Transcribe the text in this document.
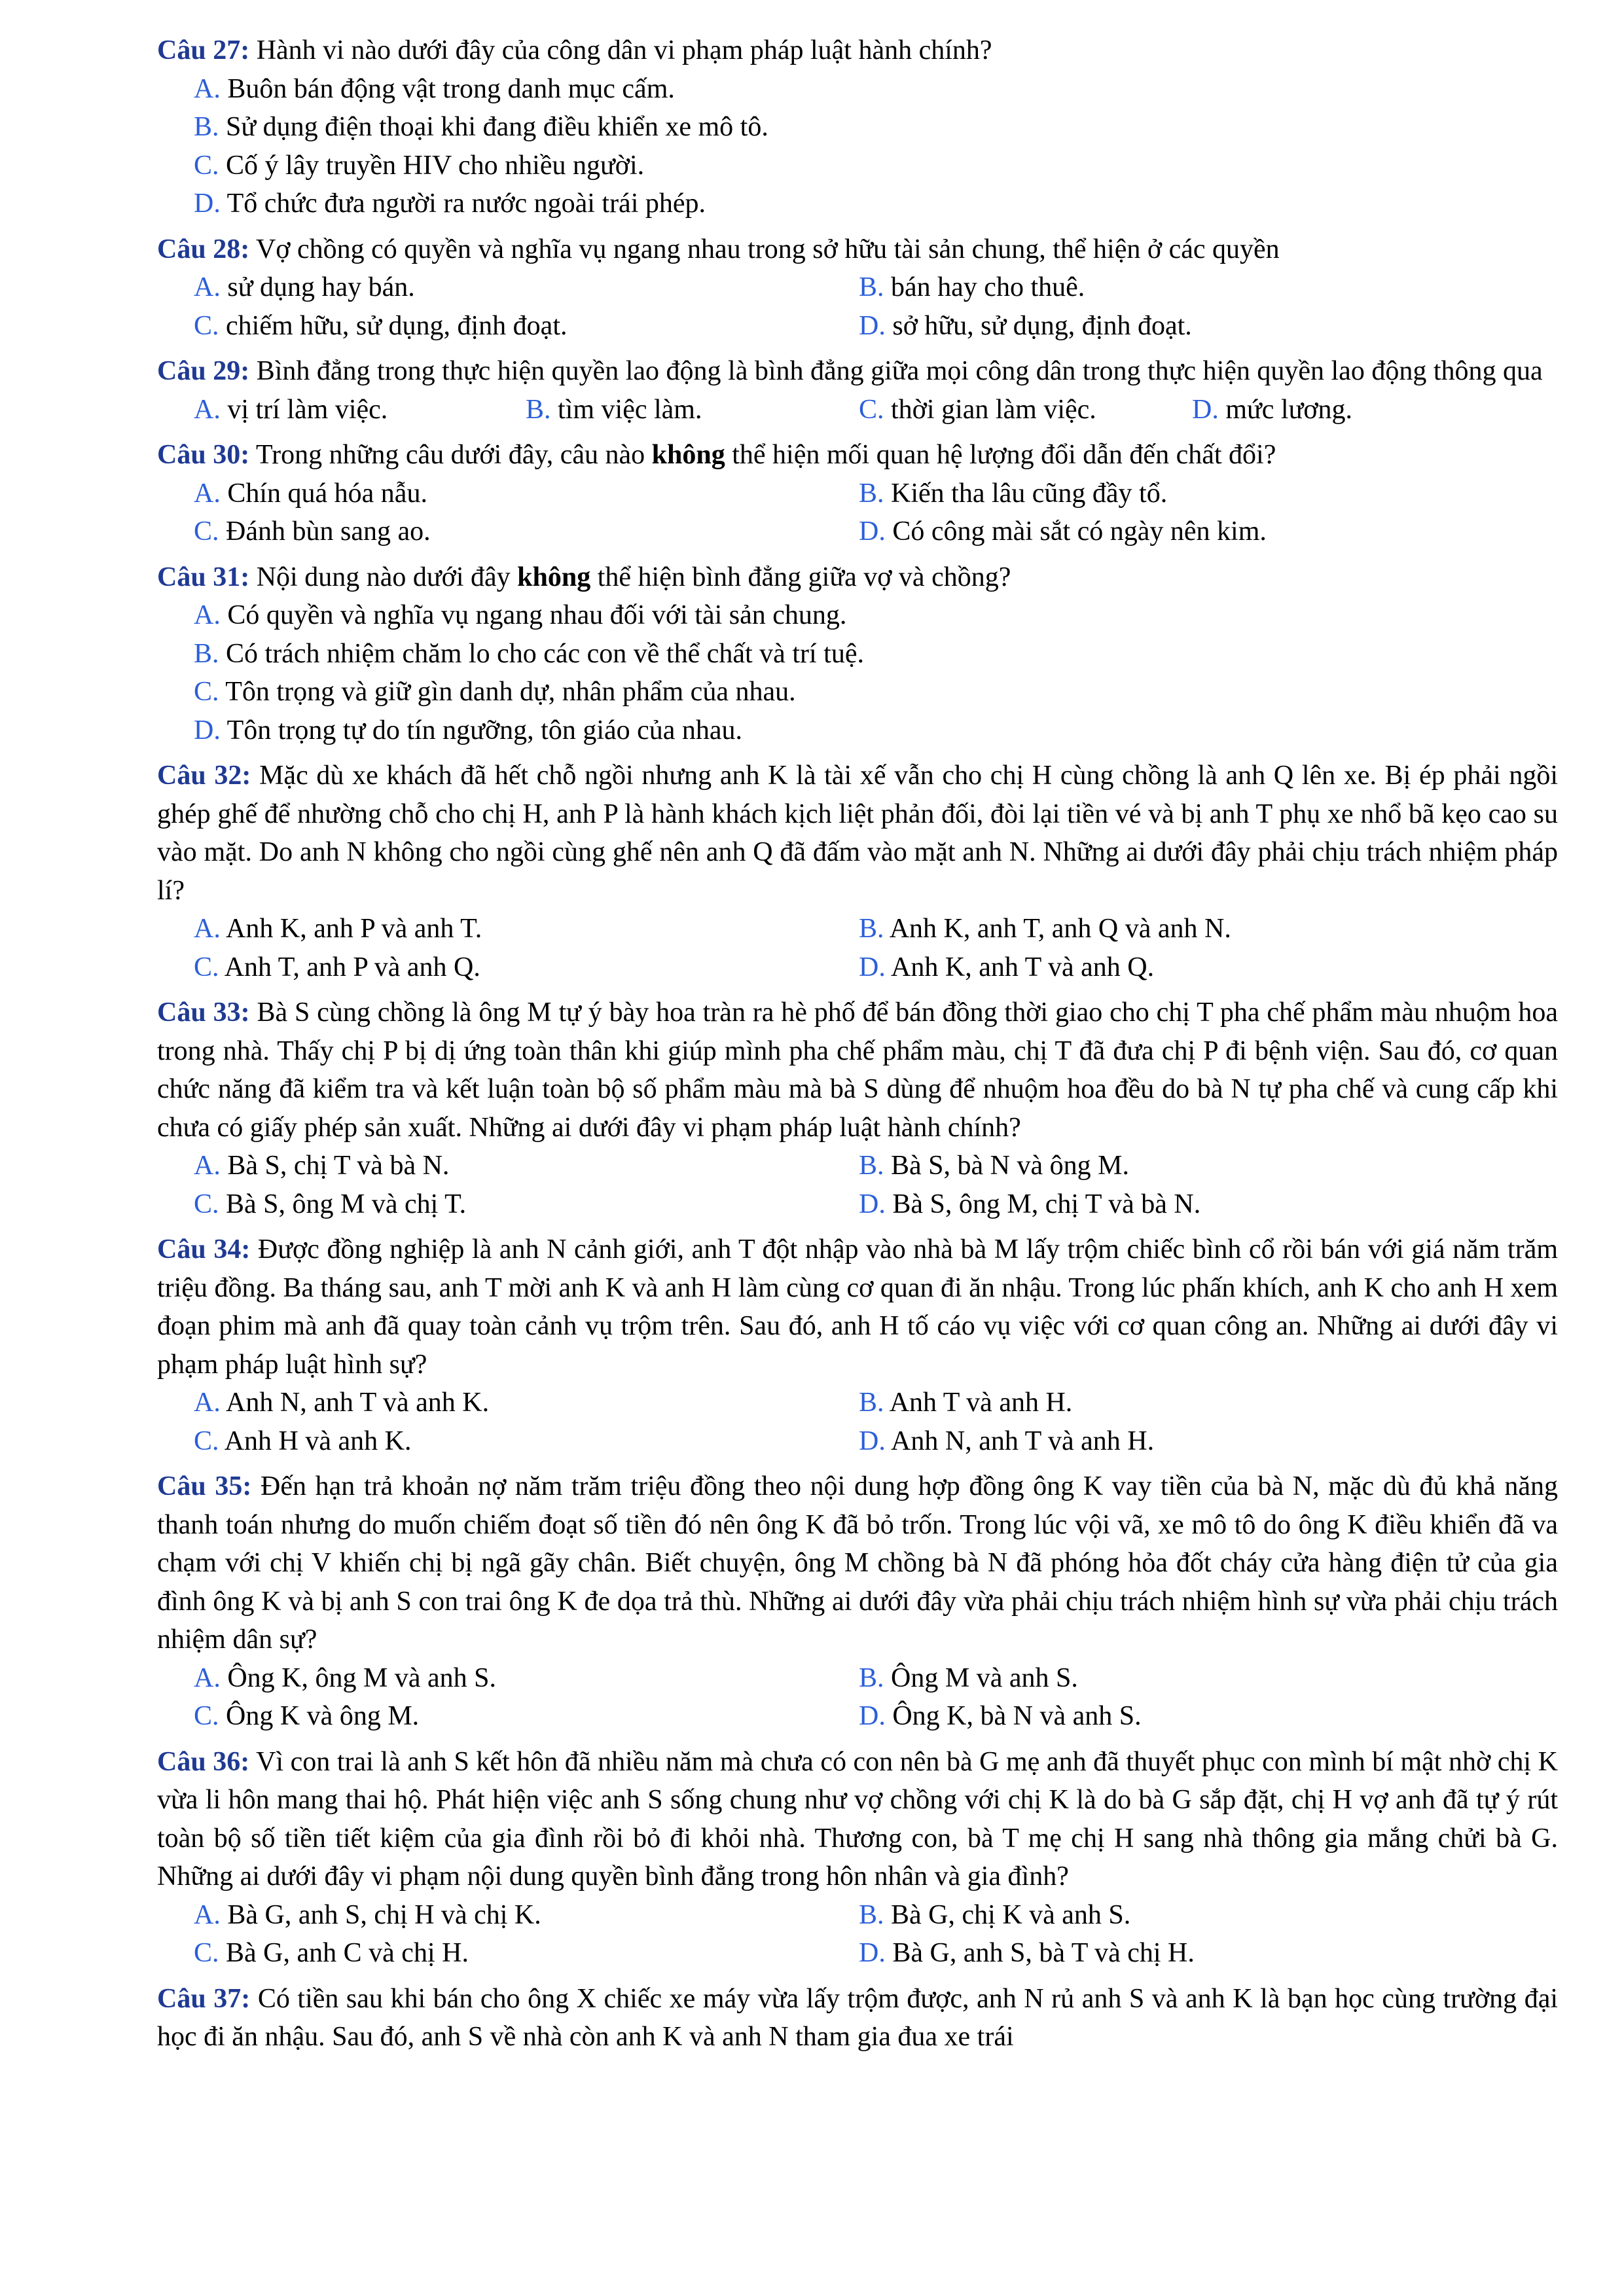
Câu 27: Hành vi nào dưới đây của công dân vi phạm pháp luật hành chính?
A. Buôn bán động vật trong danh mục cấm.
B. Sử dụng điện thoại khi đang điều khiển xe mô tô.
C. Cố ý lây truyền HIV cho nhiều người.
D. Tổ chức đưa người ra nước ngoài trái phép.
Câu 28: Vợ chồng có quyền và nghĩa vụ ngang nhau trong sở hữu tài sản chung, thể hiện ở các quyền
A. sử dụng hay bán.	B. bán hay cho thuê.
C. chiếm hữu, sử dụng, định đoạt.	D. sở hữu, sử dụng, định đoạt.
Câu 29: Bình đẳng trong thực hiện quyền lao động là bình đẳng giữa mọi công dân trong thực hiện quyền lao động thông qua
A. vị trí làm việc.	B. tìm việc làm.	C. thời gian làm việc.	D. mức lương.
Câu 30: Trong những câu dưới đây, câu nào không thể hiện mối quan hệ lượng đổi dẫn đến chất đổi?
A. Chín quá hóa nẫu.	B. Kiến tha lâu cũng đầy tổ.
C. Đánh bùn sang ao.	D. Có công mài sắt có ngày nên kim.
Câu 31: Nội dung nào dưới đây không thể hiện bình đẳng giữa vợ và chồng?
A. Có quyền và nghĩa vụ ngang nhau đối với tài sản chung.
B. Có trách nhiệm chăm lo cho các con về thể chất và trí tuệ.
C. Tôn trọng và giữ gìn danh dự, nhân phẩm của nhau.
D. Tôn trọng tự do tín ngưỡng, tôn giáo của nhau.
Câu 32: Mặc dù xe khách đã hết chỗ ngồi nhưng anh K là tài xế vẫn cho chị H cùng chồng là anh Q lên xe. Bị ép phải ngồi ghép ghế để nhường chỗ cho chị H, anh P là hành khách kịch liệt phản đối, đòi lại tiền vé và bị anh T phụ xe nhổ bã kẹo cao su vào mặt. Do anh N không cho ngồi cùng ghế nên anh Q đã đấm vào mặt anh N. Những ai dưới đây phải chịu trách nhiệm pháp lí?
A. Anh K, anh P và anh T.	B. Anh K, anh T, anh Q và anh N.
C. Anh T, anh P và anh Q.	D. Anh K, anh T và anh Q.
Câu 33: Bà S cùng chồng là ông M tự ý bày hoa tràn ra hè phố để bán đồng thời giao cho chị T pha chế phẩm màu nhuộm hoa trong nhà. Thấy chị P bị dị ứng toàn thân khi giúp mình pha chế phẩm màu, chị T đã đưa chị P đi bệnh viện. Sau đó, cơ quan chức năng đã kiểm tra và kết luận toàn bộ số phẩm màu mà bà S dùng để nhuộm hoa đều do bà N tự pha chế và cung cấp khi chưa có giấy phép sản xuất. Những ai dưới đây vi phạm pháp luật hành chính?
A. Bà S, chị T và bà N.	B. Bà S, bà N và ông M.
C. Bà S, ông M và chị T.	D. Bà S, ông M, chị T và bà N.
Câu 34: Được đồng nghiệp là anh N cảnh giới, anh T đột nhập vào nhà bà M lấy trộm chiếc bình cổ rồi bán với giá năm trăm triệu đồng. Ba tháng sau, anh T mời anh K và anh H làm cùng cơ quan đi ăn nhậu. Trong lúc phấn khích, anh K cho anh H xem đoạn phim mà anh đã quay toàn cảnh vụ trộm trên. Sau đó, anh H tố cáo vụ việc với cơ quan công an. Những ai dưới đây vi phạm pháp luật hình sự?
A. Anh N, anh T và anh K.	B. Anh T và anh H.
C. Anh H và anh K.	D. Anh N, anh T và anh H.
Câu 35: Đến hạn trả khoản nợ năm trăm triệu đồng theo nội dung hợp đồng ông K vay tiền của bà N, mặc dù đủ khả năng thanh toán nhưng do muốn chiếm đoạt số tiền đó nên ông K đã bỏ trốn. Trong lúc vội vã, xe mô tô do ông K điều khiển đã va chạm với chị V khiến chị bị ngã gãy chân. Biết chuyện, ông M chồng bà N đã phóng hỏa đốt cháy cửa hàng điện tử của gia đình ông K và bị anh S con trai ông K đe dọa trả thù. Những ai dưới đây vừa phải chịu trách nhiệm hình sự vừa phải chịu trách nhiệm dân sự?
A. Ông K, ông M và anh S.	B. Ông M và anh S.
C. Ông K và ông M.	D. Ông K, bà N và anh S.
Câu 36: Vì con trai là anh S kết hôn đã nhiều năm mà chưa có con nên bà G mẹ anh đã thuyết phục con mình bí mật nhờ chị K vừa li hôn mang thai hộ. Phát hiện việc anh S sống chung như vợ chồng với chị K là do bà G sắp đặt, chị H vợ anh đã tự ý rút toàn bộ số tiền tiết kiệm của gia đình rồi bỏ đi khỏi nhà. Thương con, bà T mẹ chị H sang nhà thông gia mắng chửi bà G. Những ai dưới đây vi phạm nội dung quyền bình đẳng trong hôn nhân và gia đình?
A. Bà G, anh S, chị H và chị K.	B. Bà G, chị K và anh S.
C. Bà G, anh C và chị H.	D. Bà G, anh S, bà T và chị H.
Câu 37: Có tiền sau khi bán cho ông X chiếc xe máy vừa lấy trộm được, anh N rủ anh S và anh K là bạn học cùng trường đại học đi ăn nhậu. Sau đó, anh S về nhà còn anh K và anh N tham gia đua xe trái
